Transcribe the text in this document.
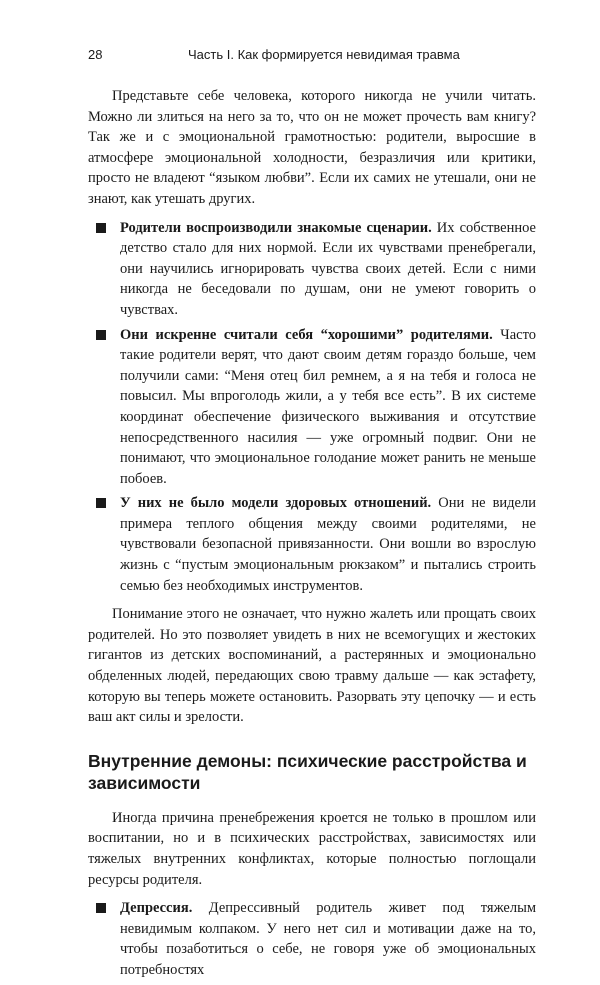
28	Часть I. Как формируется невидимая травма

Представьте себе человека, которого никогда не учили читать. Можно ли злиться на него за то, что он не может прочесть вам книгу? Так же и с эмоциональной грамотностью: родители, выросшие в атмосфере эмоциональной холодности, безразличия или критики, просто не владеют “языком любви”. Если их самих не утешали, они не знают, как утешать других.

Родители воспроизводили знакомые сценарии. Их собственное детство стало для них нормой. Если их чувствами пренебрегали, они научились игнорировать чувства своих детей. Если с ними никогда не беседовали по душам, они не умеют говорить о чувствах.
Они искренне считали себя “хорошими” родителями. Часто такие родители верят, что дают своим детям гораздо больше, чем получили сами: “Меня отец бил ремнем, а я на тебя и голоса не повысил. Мы впроголодь жили, а у тебя все есть”. В их системе координат обеспечение физического выживания и отсутствие непосредственного насилия — уже огромный подвиг. Они не понимают, что эмоциональное голодание может ранить не меньше побоев.
У них не было модели здоровых отношений. Они не видели примера теплого общения между своими родителями, не чувствовали безопасной привязанности. Они вошли во взрослую жизнь с “пустым эмоциональным рюкзаком” и пытались строить семью без необходимых инструментов.

Понимание этого не означает, что нужно жалеть или прощать своих родителей. Но это позволяет увидеть в них не всемогущих и жестоких гигантов из детских воспоминаний, а растерянных и эмоционально обделенных людей, передающих свою травму дальше — как эстафету, которую вы теперь можете остановить. Разорвать эту цепочку — и есть ваш акт силы и зрелости.

Внутренние демоны: психические расстройства и зависимости

Иногда причина пренебрежения кроется не только в прошлом или воспитании, но и в психических расстройствах, зависимостях или тяжелых внутренних конфликтах, которые полностью поглощали ресурсы родителя.

Депрессия. Депрессивный родитель живет под тяжелым невидимым колпаком. У него нет сил и мотивации даже на то, чтобы позаботиться о себе, не говоря уже об эмоциональных потребностях
